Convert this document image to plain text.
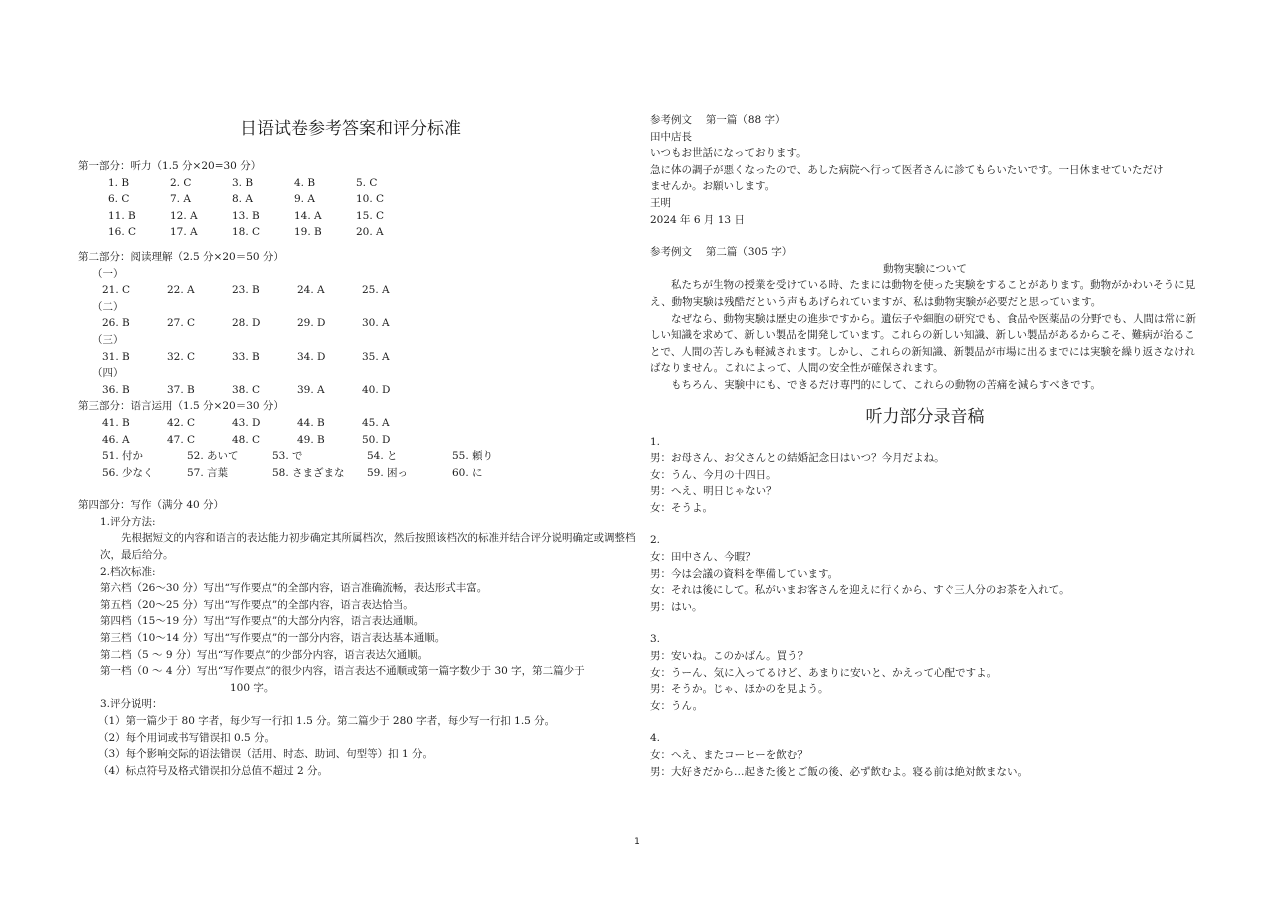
日语试卷参考答案和评分标准
第一部分：听力（1.5 分×20=30 分）
1. B	2. C	3. B	4. B	5. C
6. C	7. A	8. A	9. A	10. C
11. B	12. A	13. B	14. A	15. C
16. C	17. A	18. C	19. B	20. A
第二部分：阅读理解（2.5 分×20＝50 分）
（一）
21. C	22. A	23. B	24. A	25. A
（二）
26. B	27. C	28. D	29. D	30. A
（三）
31. B	32. C	33. B	34. D	35. A
（四）
36. B	37. B	38. C	39. A	40. D
第三部分：语言运用（1.5 分×20＝30 分）
41. B	42. C	43. D	44. B	45. A
46. A	47. C	48. C	49. B	50. D
51. 付か	52. あいて	53. で	54. と	55. 頼り
56. 少なく	57. 言葉	58. さまざまな	59. 困っ	60. に
第四部分：写作（满分 40 分）
1.评分方法:
先根据短文的内容和语言的表达能力初步确定其所属档次，然后按照该档次的标准并结合评分说明确定或调整档次，最后给分。
2.档次标准:
第六档（26～30 分）写出“写作要点”的全部内容，语言准确流畅，表达形式丰富。
第五档（20～25 分）写出“写作要点”的全部内容，语言表达恰当。
第四档（15～19 分）写出“写作要点”的大部分内容，语言表达通顺。
第三档（10～14 分）写出“写作要点”的一部分内容，语言表达基本通顺。
第二档（5 ～ 9 分）写出“写作要点”的少部分内容，语言表达欠通顺。
第一档（0 ～ 4 分）写出“写作要点”的很少内容，语言表达不通顺或第一篇字数少于 30 字，第二篇少于
100 字。
3.评分说明：
（1）第一篇少于 80 字者，每少写一行扣 1.5 分。第二篇少于 280 字者，每少写一行扣 1.5 分。
（2）每个用词或书写错误扣 0.5 分。
（3）每个影响交际的语法错误（活用、时态、助词、句型等）扣 1 分。
（4）标点符号及格式错误扣分总值不超过 2 分。
参考例文　 第一篇（88 字）
田中店長
いつもお世話になっております。
急に体の調子が悪くなったので、あした病院へ行って医者さんに診てもらいたいです。一日休ませていただけ
ませんか。お願いします。
王明
2024 年 6 月 13 日
参考例文　 第二篇（305 字）
動物実験について
私たちが生物の授業を受けている時、たまには動物を使った実験をすることがあります。動物がかわいそうに見え、動物実験は残酷だという声もあげられていますが、私は動物実験が必要だと思っています。
なぜなら、動物実験は歴史の進歩ですから。遺伝子や細胞の研究でも、食品や医薬品の分野でも、人間は常に新しい知識を求めて、新しい製品を開発しています。これらの新しい知識、新しい製品があるからこそ、難病が治ることで、人間の苦しみも軽減されます。しかし、これらの新知識、新製品が市場に出るまでには実験を繰り返さなければなりません。これによって、人間の安全性が確保されます。
もちろん、実験中にも、できるだけ専門的にして、これらの動物の苦痛を減らすべきです。
听力部分录音稿
1.
男：お母さん、お父さんとの結婚記念日はいつ？今月だよね。
女：うん、今月の十四日。
男：へえ、明日じゃない？
女：そうよ。
2.
女：田中さん、今暇？
男：今は会議の資料を準備しています。
女：それは後にして。私がいまお客さんを迎えに行くから、すぐ三人分のお茶を入れて。
男：はい。
3.
男：安いね。このかばん。買う？
女：うーん、気に入ってるけど、あまりに安いと、かえって心配ですよ。
男：そうか。じゃ、ほかのを見よう。
女：うん。
4.
女：へえ、またコーヒーを飲む？
男：大好きだから…起きた後とご飯の後、必ず飲むよ。寝る前は絶対飲まない。
1
